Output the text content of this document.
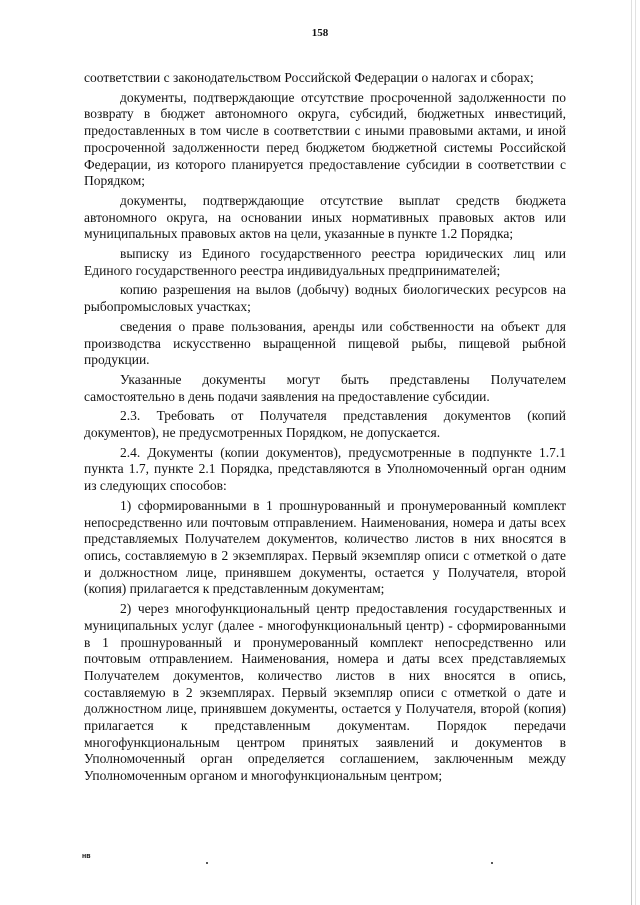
158

соответствии с законодательством Российской Федерации о налогах и сборах;

документы, подтверждающие отсутствие просроченной задолженности по возврату в бюджет автономного округа, субсидий, бюджетных инвестиций, предоставленных в том числе в соответствии с иными правовыми актами, и иной просроченной задолженности перед бюджетом бюджетной системы Российской Федерации, из которого планируется предоставление субсидии в соответствии с Порядком;

документы, подтверждающие отсутствие выплат средств бюджета автономного округа, на основании иных нормативных правовых актов или муниципальных правовых актов на цели, указанные в пункте 1.2 Порядка;

выписку из Единого государственного реестра юридических лиц или Единого государственного реестра индивидуальных предпринимателей;

копию разрешения на вылов (добычу) водных биологических ресурсов на рыбопромысловых участках;

сведения о праве пользования, аренды или собственности на объект для производства искусственно выращенной пищевой рыбы, пищевой рыбной продукции.

Указанные документы могут быть представлены Получателем самостоятельно в день подачи заявления на предоставление субсидии.

2.3. Требовать от Получателя представления документов (копий документов), не предусмотренных Порядком, не допускается.

2.4. Документы (копии документов), предусмотренные в подпункте 1.7.1 пункта 1.7, пункте 2.1 Порядка, представляются в Уполномоченный орган одним из следующих способов:

1) сформированными в 1 прошнурованный и пронумерованный комплект непосредственно или почтовым отправлением. Наименования, номера и даты всех представляемых Получателем документов, количество листов в них вносятся в опись, составляемую в 2 экземплярах. Первый экземпляр описи с отметкой о дате и должностном лице, принявшем документы, остается у Получателя, второй (копия) прилагается к представленным документам;

2) через многофункциональный центр предоставления государственных и муниципальных услуг (далее - многофункциональный центр) - сформированными в 1 прошнурованный и пронумерованный комплект непосредственно или почтовым отправлением. Наименования, номера и даты всех представляемых Получателем документов, количество листов в них вносятся в опись, составляемую в 2 экземплярах. Первый экземпляр описи с отметкой о дате и должностном лице, принявшем документы, остается у Получателя, второй (копия) прилагается к представленным документам. Порядок передачи многофункциональным центром принятых заявлений и документов в Уполномоченный орган определяется соглашением, заключенным между Уполномоченным органом и многофункциональным центром;

нв
